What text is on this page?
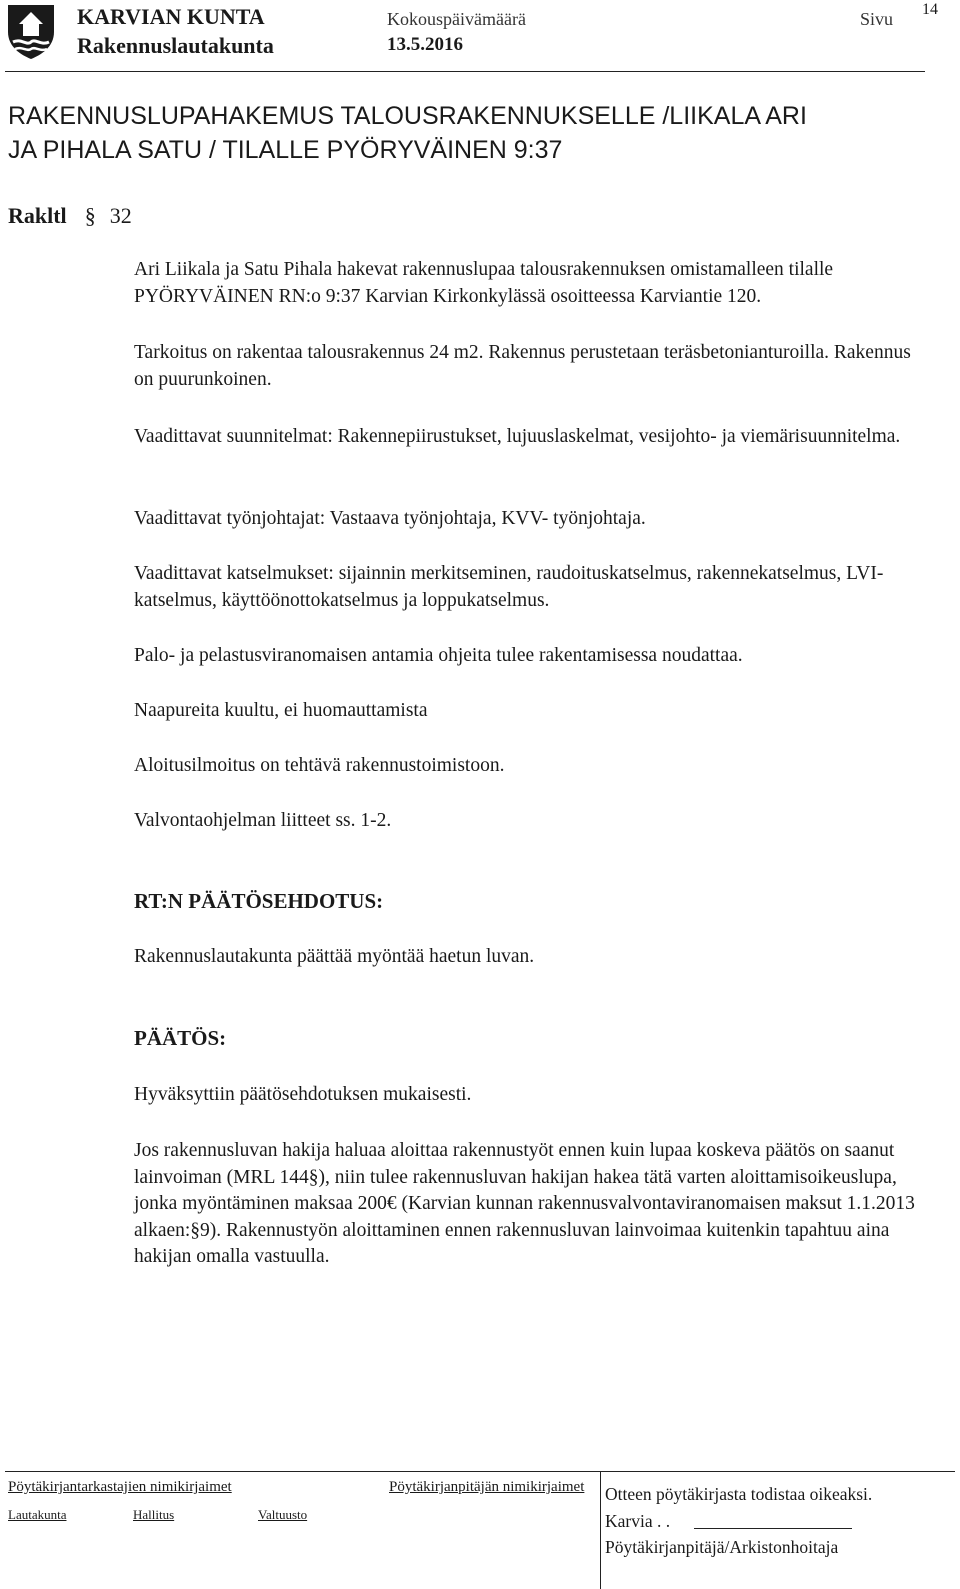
KARVIAN KUNTA
Rakennuslautakunta
Kokouspäivämäärä
13.5.2016
Sivu 14
RAKENNUSLUPAHAKEMUS TALOUSRAKENNUKSELLE /LIIKALA ARI
JA PIHALA SATU / TILALLE PYÖRYVÄINEN 9:37
Rakltl § 32
Ari Liikala ja Satu Pihala hakevat rakennuslupaa talousrakennuksen omistamalleen tilalle PYÖRYVÄINEN RN:o 9:37 Karvian Kirkonkylässä osoitteessa Karviantie 120.
Tarkoitus on rakentaa talousrakennus 24 m2. Rakennus perustetaan teräsbetonianturoilla. Rakennus on puurunkoinen.
Vaadittavat suunnitelmat: Rakennepiirustukset, lujuuslaskelmat, vesijohto- ja viemärisuunnitelma.
Vaadittavat työnjohtajat: Vastaava työnjohtaja, KVV- työnjohtaja.
Vaadittavat katselmukset: sijainnin merkitseminen, raudoituskatselmus, rakennekatselmus, LVI-katselmus, käyttöönottokatselmus ja loppukatselmus.
Palo- ja pelastusviranomaisen antamia ohjeita tulee rakentamisessa noudattaa.
Naapureita kuultu, ei huomauttamista
Aloitusilmoitus on tehtävä rakennustoimistoon.
Valvontaohjelman liitteet ss. 1-2.
RT:N PÄÄTÖSEHDOTUS:
Rakennuslautakunta päättää myöntää haetun luvan.
PÄÄTÖS:
Hyväksyttiin päätösehdotuksen mukaisesti.
Jos rakennusluvan hakija haluaa aloittaa rakennustyöt ennen kuin lupaa koskeva päätös on saanut lainvoiman (MRL 144§), niin tulee rakennusluvan hakijan hakea tätä varten aloittamisoikeuslupa, jonka myöntäminen maksaa 200€ (Karvian kunnan rakennusvalvontaviranomaisen maksut 1.1.2013 alkaen:§9). Rakennustyön aloittaminen ennen rakennusluvan lainvoimaa kuitenkin tapahtuu aina hakijan omalla vastuulla.
Pöytäkirjantarkastajien nimikirjaimet	Pöytäkirjanpitäjän nimikirjaimet
Lautakunta	Hallitus	Valtuusto
Otteen pöytäkirjasta todistaa oikeaksi.
Karvia . .
Pöytäkirjanpitäjä/Arkistonhoitaja
